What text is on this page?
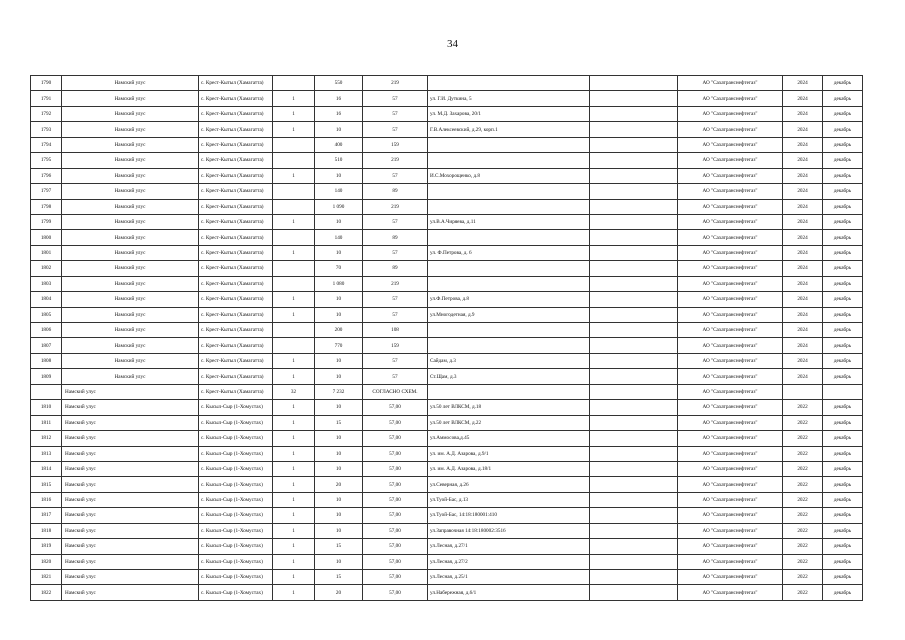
34
1790	Намский улус	с. Крест-Кытыл (Хамагатта)		550	219			АО "Сахатранснефтегаз"	2024	декабрь
1791	Намский улус	с. Крест-Кытыл (Хамагатта)	1	16	57	ул. Г.И. Дуткина, 5		АО "Сахатранснефтегаз"	2024	декабрь
1792	Намский улус	с. Крест-Кытыл (Хамагатта)	1	16	57	ул. М.Д. Захарова, 20/1		АО "Сахатранснефтегаз"	2024	декабрь
1793	Намский улус	с. Крест-Кытыл (Хамагатта)	1	10	57	Г.В.Алексеевский, д.29, корп.1		АО "Сахатранснефтегаз"	2024	декабрь
1794	Намский улус	с. Крест-Кытыл (Хамагатта)		400	159			АО "Сахатранснефтегаз"	2024	декабрь
1795	Намский улус	с. Крест-Кытыл (Хамагатта)		510	219			АО "Сахатранснефтегаз"	2024	декабрь
1796	Намский улус	с. Крест-Кытыл (Хамагатта)	1	10	57	И.С.Мохорощенко, д.8		АО "Сахатранснефтегаз"	2024	декабрь
1797	Намский улус	с. Крест-Кытыл (Хамагатта)		140	89			АО "Сахатранснефтегаз"	2024	декабрь
1798	Намский улус	с. Крест-Кытыл (Хамагатта)		1 090	219			АО "Сахатранснефтегаз"	2024	декабрь
1799	Намский улус	с. Крест-Кытыл (Хамагатта)	1	10	57	ул.В.А.Чиряева, д.11		АО "Сахатранснефтегаз"	2024	декабрь
1800	Намский улус	с. Крест-Кытыл (Хамагатта)		140	89			АО "Сахатранснефтегаз"	2024	декабрь
1801	Намский улус	с. Крест-Кытыл (Хамагатта)	1	10	57	ул. Ф.Петрова, д. 6		АО "Сахатранснефтегаз"	2024	декабрь
1802	Намский улус	с. Крест-Кытыл (Хамагатта)		70	89			АО "Сахатранснефтегаз"	2024	декабрь
1803	Намский улус	с. Крест-Кытыл (Хамагатта)		1 080	219			АО "Сахатранснефтегаз"	2024	декабрь
1804	Намский улус	с. Крест-Кытыл (Хамагатта)	1	10	57	ул.Ф.Петрова, д.8		АО "Сахатранснефтегаз"	2024	декабрь
1805	Намский улус	с. Крест-Кытыл (Хамагатта)	1	10	57	ул.Многодетная, д.9		АО "Сахатранснефтегаз"	2024	декабрь
1806	Намский улус	с. Крест-Кытыл (Хамагатта)		200	108			АО "Сахатранснефтегаз"	2024	декабрь
1807	Намский улус	с. Крест-Кытыл (Хамагатта)		770	159			АО "Сахатранснефтегаз"	2024	декабрь
1808	Намский улус	с. Крест-Кытыл (Хамагатта)	1	10	57	Сайдам, д.3		АО "Сахатранснефтегаз"	2024	декабрь
1809	Намский улус	с. Крест-Кытыл (Хамагатта)	1	10	57	Ст.Щам, д.3		АО "Сахатранснефтегаз"	2024	декабрь
	Намский улус	с. Крест-Кытыл (Хамагатта)	32	7 232	СОГЛАСНО СХЕМ.			АО "Сахатранснефтегаз"		
1810	Намский улус	с. Кысыл-Сыр (1-Хомустах)	1	10	57,00	ул.50 лет ВЛКСМ, д.18		АО "Сахатранснефтегаз"	2022	декабрь
1811	Намский улус	с. Кысыл-Сыр (1-Хомустах)	1	15	57,00	ул.50 лет ВЛКСМ, д.22		АО "Сахатранснефтегаз"	2022	декабрь
1812	Намский улус	с. Кысыл-Сыр (1-Хомустах)	1	10	57,00	ул.Аммосова,д.45		АО "Сахатранснефтегаз"	2022	декабрь
1813	Намский улус	с. Кысыл-Сыр (1-Хомустах)	1	10	57,00	ул. им. А.Д. Азарова, д.9/1		АО "Сахатранснефтегаз"	2022	декабрь
1814	Намский улус	с. Кысыл-Сыр (1-Хомустах)	1	10	57,00	ул. им. А.Д. Азарова, д.18/1		АО "Сахатранснефтегаз"	2022	декабрь
1815	Намский улус	с. Кысыл-Сыр (1-Хомустах)	1	20	57,00	ул.Северная, д.26		АО "Сахатранснефтегаз"	2022	декабрь
1816	Намский улус	с. Кысыл-Сыр (1-Хомустах)	1	10	57,00	ул.Туой-Бас, д.13		АО "Сахатранснефтегаз"	2022	декабрь
1817	Намский улус	с. Кысыл-Сыр (1-Хомустах)	1	10	57,00	ул.Туой-Бас, 14:18:180001:410		АО "Сахатранснефтегаз"	2022	декабрь
1818	Намский улус	с. Кысыл-Сыр (1-Хомустах)	1	10	57,00	ул.Заправочная 14:18:180002:3516		АО "Сахатранснефтегаз"	2022	декабрь
1819	Намский улус	с. Кысыл-Сыр (1-Хомустах)	1	15	57,00	ул.Лесная, д.27/1		АО "Сахатранснефтегаз"	2022	декабрь
1820	Намский улус	с. Кысыл-Сыр (1-Хомустах)	1	10	57,00	ул.Лесная, д.27/2		АО "Сахатранснефтегаз"	2022	декабрь
1821	Намский улус	с. Кысыл-Сыр (1-Хомустах)	1	15	57,00	ул.Лесная, д.25/1		АО "Сахатранснефтегаз"	2022	декабрь
1822	Намский улус	с. Кысыл-Сыр (1-Хомустах)	1	20	57,00	ул.Набережная, д.6/1		АО "Сахатранснефтегаз"	2022	декабрь
